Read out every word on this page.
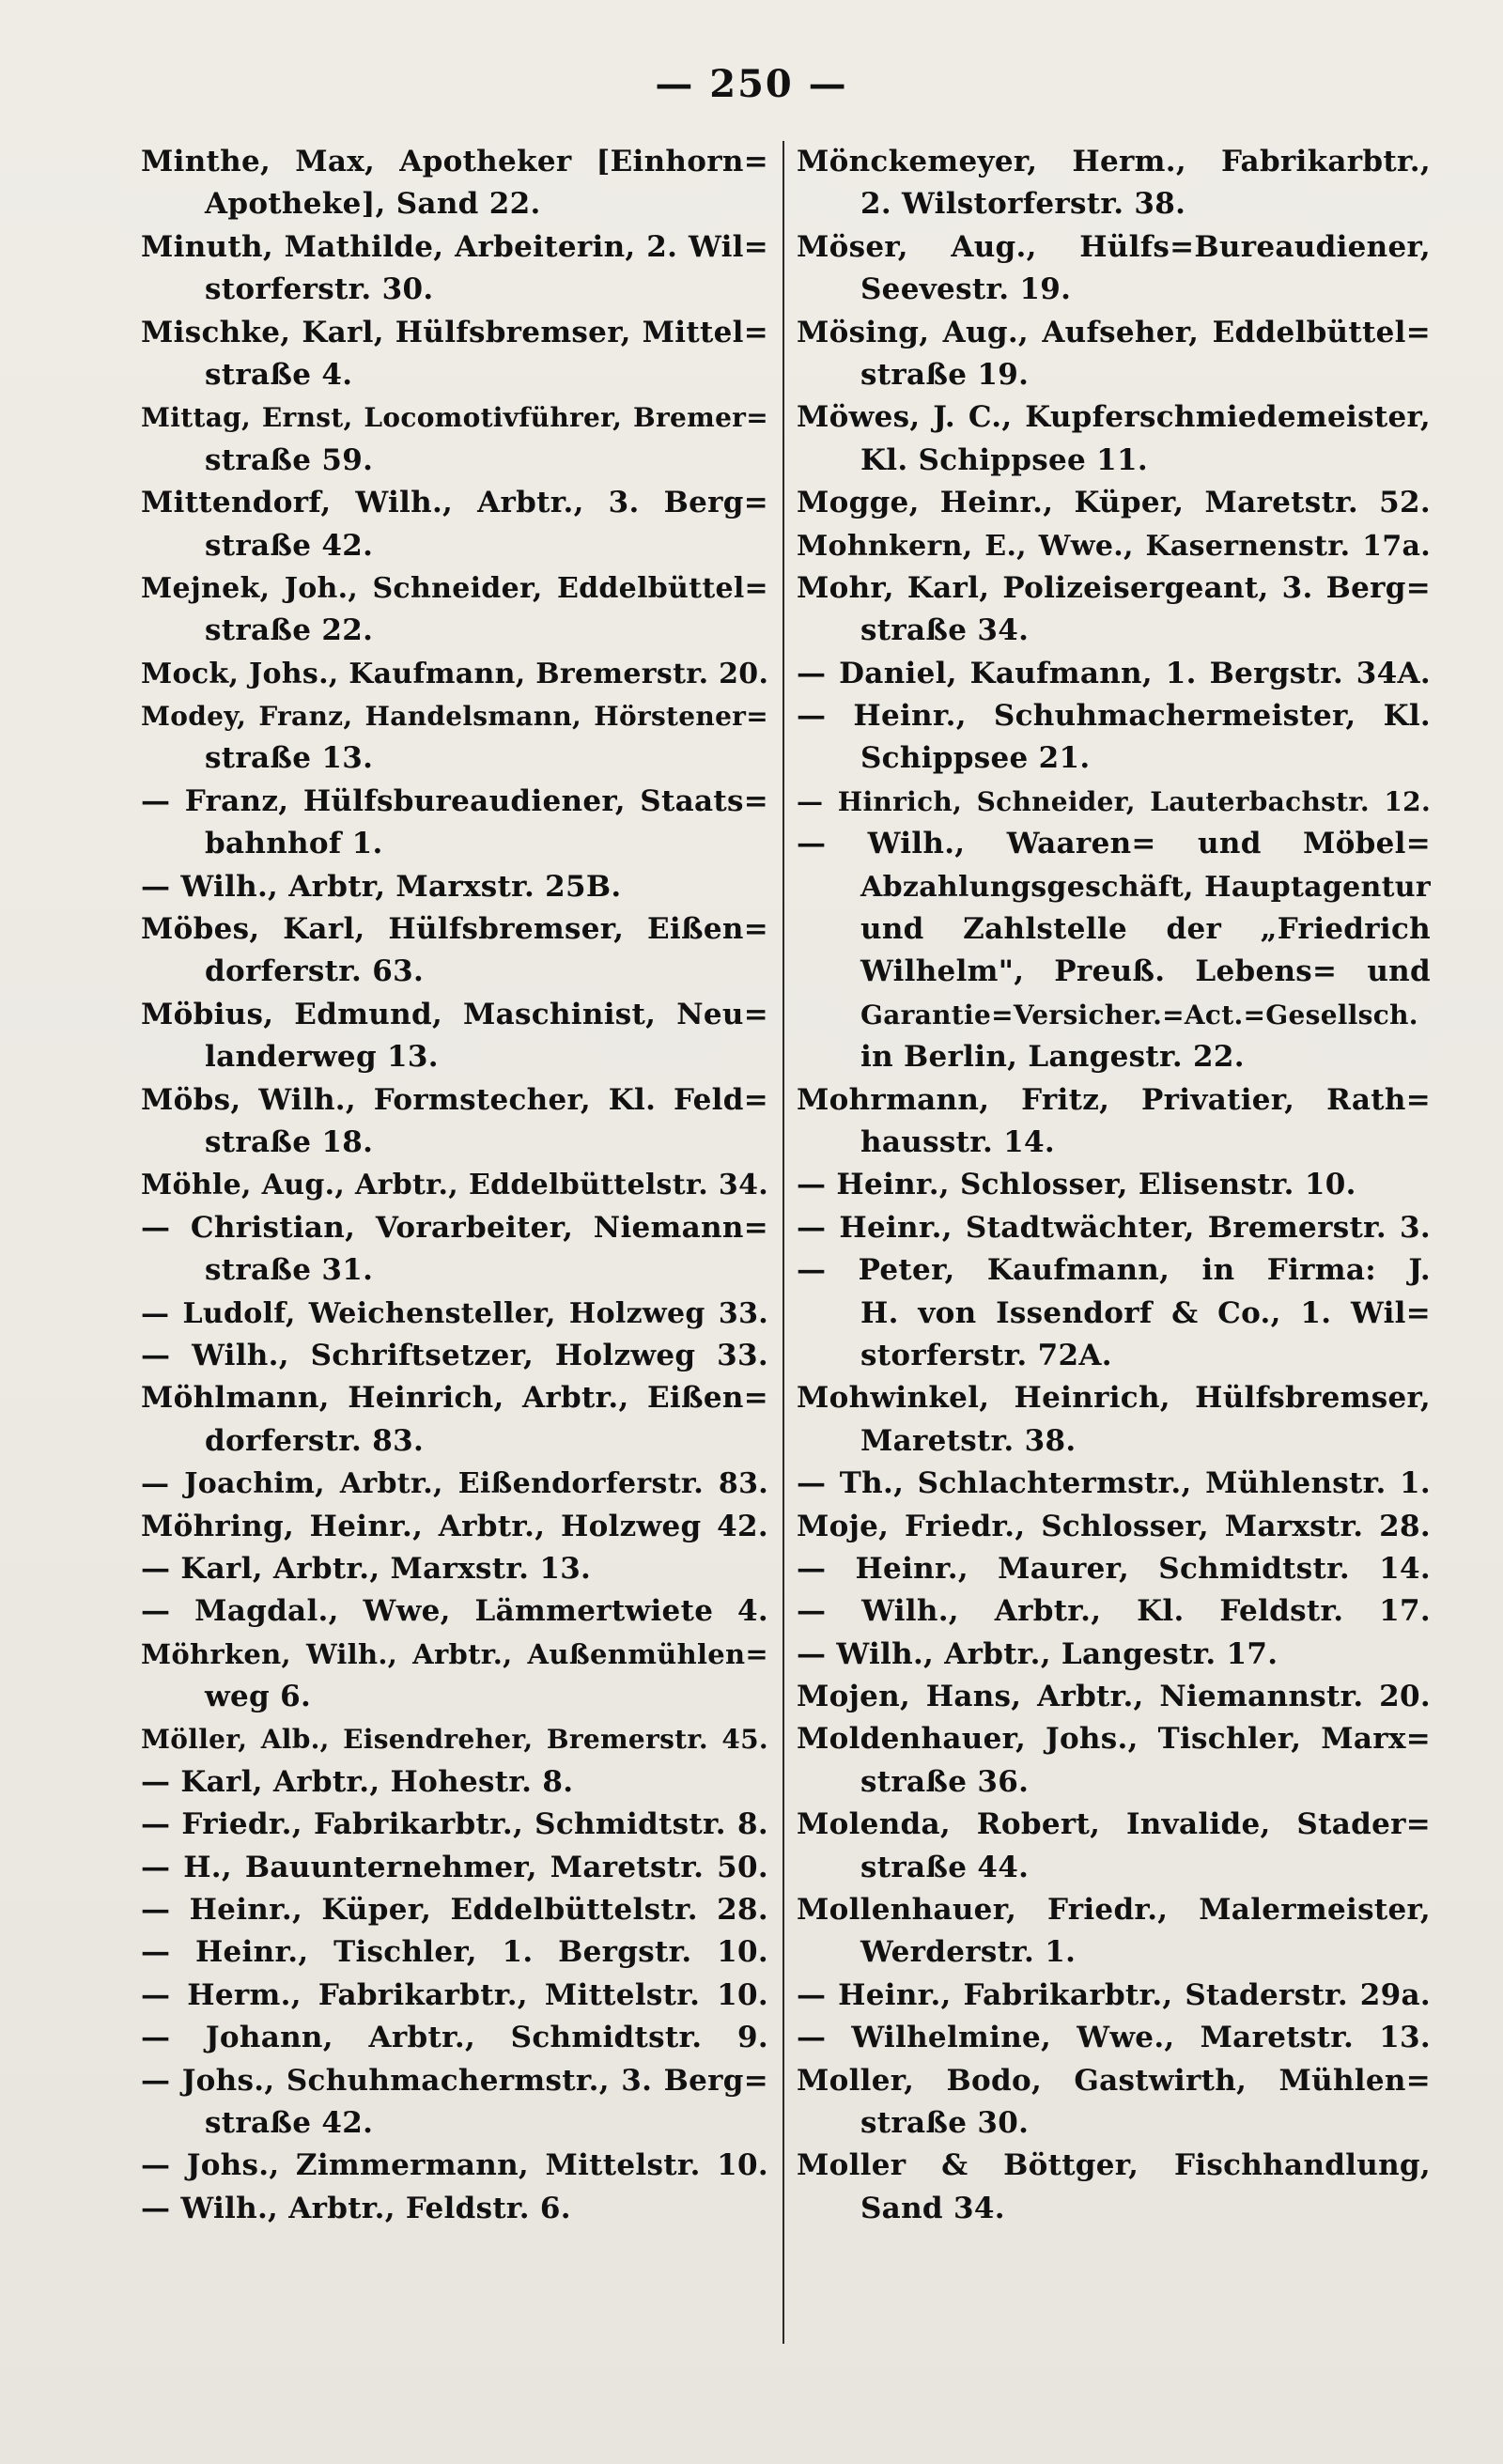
— 250 —
Minthe, Max, Apotheker [Einhorn=
Apotheke], Sand 22.
Minuth, Mathilde, Arbeiterin, 2. Wil=
storferstr. 30.
Mischke, Karl, Hülfsbremser, Mittel=
straße 4.
Mittag, Ernst, Locomotivführer, Bremer=
straße 59.
Mittendorf, Wilh., Arbtr., 3. Berg=
straße 42.
Mejnek, Joh., Schneider, Eddelbüttel=
straße 22.
Mock, Johs., Kaufmann, Bremerstr. 20.
Modey, Franz, Handelsmann, Hörstener=
straße 13.
— Franz, Hülfsbureaudiener, Staats=
bahnhof 1.
— Wilh., Arbtr, Marxstr. 25B.
Möbes, Karl, Hülfsbremser, Eißen=
dorferstr. 63.
Möbius, Edmund, Maschinist, Neu=
landerweg 13.
Möbs, Wilh., Formstecher, Kl. Feld=
straße 18.
Möhle, Aug., Arbtr., Eddelbüttelstr. 34.
— Christian, Vorarbeiter, Niemann=
straße 31.
— Ludolf, Weichensteller, Holzweg 33.
— Wilh., Schriftsetzer, Holzweg 33.
Möhlmann, Heinrich, Arbtr., Eißen=
dorferstr. 83.
— Joachim, Arbtr., Eißendorferstr. 83.
Möhring, Heinr., Arbtr., Holzweg 42.
— Karl, Arbtr., Marxstr. 13.
— Magdal., Wwe, Lämmertwiete 4.
Möhrken, Wilh., Arbtr., Außenmühlen=
weg 6.
Möller, Alb., Eisendreher, Bremerstr. 45.
— Karl, Arbtr., Hohestr. 8.
— Friedr., Fabrikarbtr., Schmidtstr. 8.
— H., Bauunternehmer, Maretstr. 50.
— Heinr., Küper, Eddelbüttelstr. 28.
— Heinr., Tischler, 1. Bergstr. 10.
— Herm., Fabrikarbtr., Mittelstr. 10.
— Johann, Arbtr., Schmidtstr. 9.
— Johs., Schuhmachermstr., 3. Berg=
straße 42.
— Johs., Zimmermann, Mittelstr. 10.
— Wilh., Arbtr., Feldstr. 6.
Mönckemeyer, Herm., Fabrikarbtr.,
2. Wilstorferstr. 38.
Möser, Aug., Hülfs=Bureaudiener,
Seevestr. 19.
Mösing, Aug., Aufseher, Eddelbüttel=
straße 19.
Möwes, J. C., Kupferschmiedemeister,
Kl. Schippsee 11.
Mogge, Heinr., Küper, Maretstr. 52.
Mohnkern, E., Wwe., Kasernenstr. 17a.
Mohr, Karl, Polizeisergeant, 3. Berg=
straße 34.
— Daniel, Kaufmann, 1. Bergstr. 34A.
— Heinr., Schuhmachermeister, Kl.
Schippsee 21.
— Hinrich, Schneider, Lauterbachstr. 12.
— Wilh., Waaren= und Möbel=
Abzahlungsgeschäft, Hauptagentur
und Zahlstelle der „Friedrich
Wilhelm", Preuß. Lebens= und
Garantie=Versicher.=Act.=Gesellsch.
in Berlin, Langestr. 22.
Mohrmann, Fritz, Privatier, Rath=
hausstr. 14.
— Heinr., Schlosser, Elisenstr. 10.
— Heinr., Stadtwächter, Bremerstr. 3.
— Peter, Kaufmann, in Firma: J.
H. von Issendorf & Co., 1. Wil=
storferstr. 72A.
Mohwinkel, Heinrich, Hülfsbremser,
Maretstr. 38.
— Th., Schlachtermstr., Mühlenstr. 1.
Moje, Friedr., Schlosser, Marxstr. 28.
— Heinr., Maurer, Schmidtstr. 14.
— Wilh., Arbtr., Kl. Feldstr. 17.
— Wilh., Arbtr., Langestr. 17.
Mojen, Hans, Arbtr., Niemannstr. 20.
Moldenhauer, Johs., Tischler, Marx=
straße 36.
Molenda, Robert, Invalide, Stader=
straße 44.
Mollenhauer, Friedr., Malermeister,
Werderstr. 1.
— Heinr., Fabrikarbtr., Staderstr. 29a.
— Wilhelmine, Wwe., Maretstr. 13.
Moller, Bodo, Gastwirth, Mühlen=
straße 30.
Moller & Böttger, Fischhandlung,
Sand 34.
